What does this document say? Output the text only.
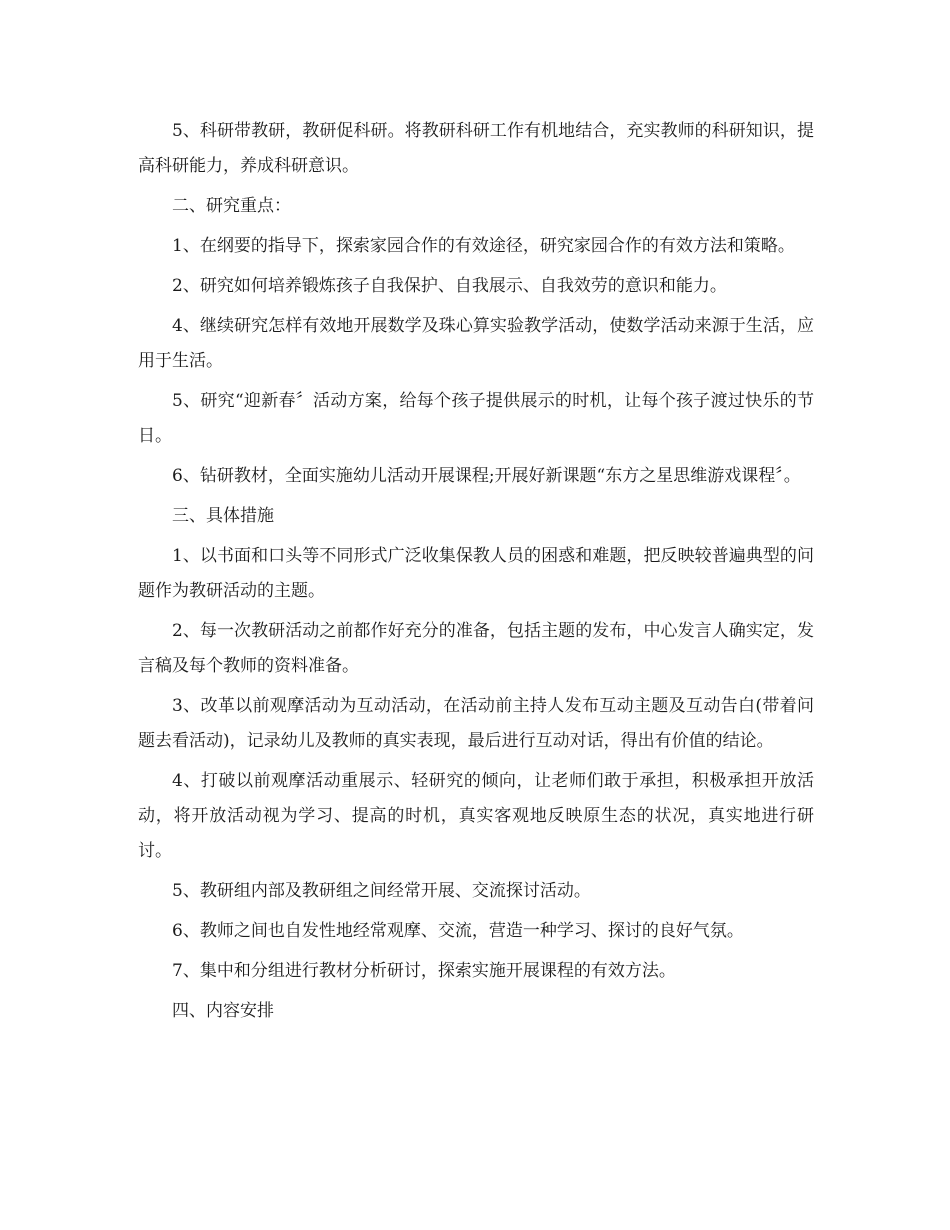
5、科研带教研，教研促科研。将教研科研工作有机地结合，充实教师的科研知识，提高科研能力，养成科研意识。

二、研究重点：

1、在纲要的指导下，探索家园合作的有效途径，研究家园合作的有效方法和策略。

2、研究如何培养锻炼孩子自我保护、自我展示、自我效劳的意识和能力。

4、继续研究怎样有效地开展数学及珠心算实验教学活动，使数学活动来源于生活，应用于生活。

5、研究“迎新春〞活动方案，给每个孩子提供展示的时机，让每个孩子渡过快乐的节日。

6、钻研教材，全面实施幼儿活动开展课程;开展好新课题“东方之星思维游戏课程〞。

三、具体措施

1、以书面和口头等不同形式广泛收集保教人员的困惑和难题，把反映较普遍典型的问题作为教研活动的主题。

2、每一次教研活动之前都作好充分的准备，包括主题的发布，中心发言人确实定，发言稿及每个教师的资料准备。

3、改革以前观摩活动为互动活动，在活动前主持人发布互动主题及互动告白(带着问题去看活动)，记录幼儿及教师的真实表现，最后进行互动对话，得出有价值的结论。

4、打破以前观摩活动重展示、轻研究的倾向，让老师们敢于承担，积极承担开放活动，将开放活动视为学习、提高的时机，真实客观地反映原生态的状况，真实地进行研讨。

5、教研组内部及教研组之间经常开展、交流探讨活动。

6、教师之间也自发性地经常观摩、交流，营造一种学习、探讨的良好气氛。

7、集中和分组进行教材分析研讨，探索实施开展课程的有效方法。

四、内容安排
